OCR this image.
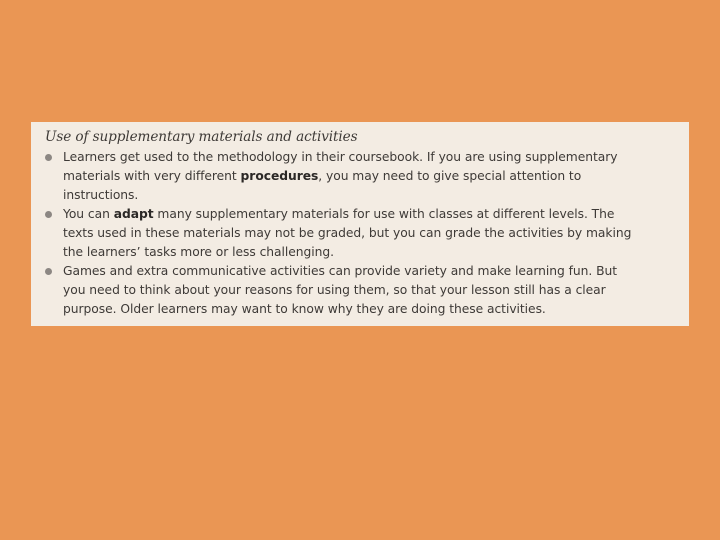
Use of supplementary materials and activities
Learners get used to the methodology in their coursebook. If you are using supplementary
materials with very different procedures, you may need to give special attention to
instructions.
You can adapt many supplementary materials for use with classes at different levels. The
texts used in these materials may not be graded, but you can grade the activities by making
the learners’ tasks more or less challenging.
Games and extra communicative activities can provide variety and make learning fun. But
you need to think about your reasons for using them, so that your lesson still has a clear
purpose. Older learners may want to know why they are doing these activities.
